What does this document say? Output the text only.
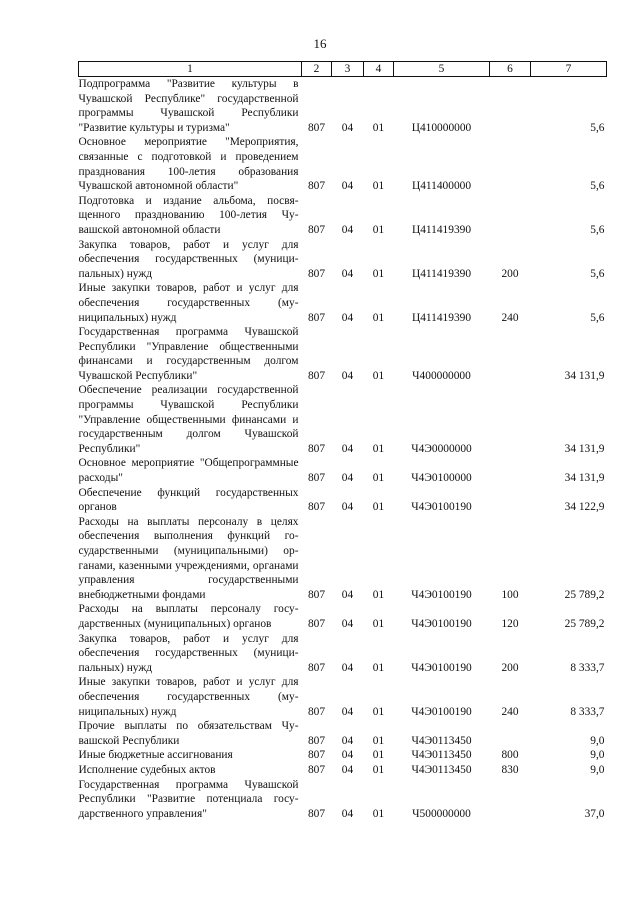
16
1	2	3	4	5	6	7
Подпрограмма "Развитие культуры в Чувашской Республике" государственной программы Чувашской Республики "Развитие культуры и туризма"	807	04	01	Ц410000000		5,6
Основное мероприятие "Мероприятия, связанные с подготовкой и проведением празднования 100-летия образования Чувашской автономной области"	807	04	01	Ц411400000		5,6
Подготовка и издание альбома, посвященного празднованию 100-летия Чувашской автономной области	807	04	01	Ц411419390		5,6
Закупка товаров, работ и услуг для обеспечения государственных (муниципальных) нужд	807	04	01	Ц411419390	200	5,6
Иные закупки товаров, работ и услуг для обеспечения государственных (муниципальных) нужд	807	04	01	Ц411419390	240	5,6
Государственная программа Чувашской Республики "Управление общественными финансами и государственным долгом Чувашской Республики"	807	04	01	Ч400000000		34 131,9
Обеспечение реализации государственной программы Чувашской Республики "Управление общественными финансами и государственным долгом Чувашской Республики"	807	04	01	Ч4Э0000000		34 131,9
Основное мероприятие "Общепрограммные расходы"	807	04	01	Ч4Э0100000		34 131,9
Обеспечение функций государственных органов	807	04	01	Ч4Э0100190		34 122,9
Расходы на выплаты персоналу в целях обеспечения выполнения функций государственными (муниципальными) органами, казенными учреждениями, органами управления государственными внебюджетными фондами	807	04	01	Ч4Э0100190	100	25 789,2
Расходы на выплаты персоналу государственных (муниципальных) органов	807	04	01	Ч4Э0100190	120	25 789,2
Закупка товаров, работ и услуг для обеспечения государственных (муниципальных) нужд	807	04	01	Ч4Э0100190	200	8 333,7
Иные закупки товаров, работ и услуг для обеспечения государственных (муниципальных) нужд	807	04	01	Ч4Э0100190	240	8 333,7
Прочие выплаты по обязательствам Чувашской Республики	807	04	01	Ч4Э0113450		9,0
Иные бюджетные ассигнования	807	04	01	Ч4Э0113450	800	9,0
Исполнение судебных актов	807	04	01	Ч4Э0113450	830	9,0
Государственная программа Чувашской Республики "Развитие потенциала государственного управления"	807	04	01	Ч500000000		37,0
